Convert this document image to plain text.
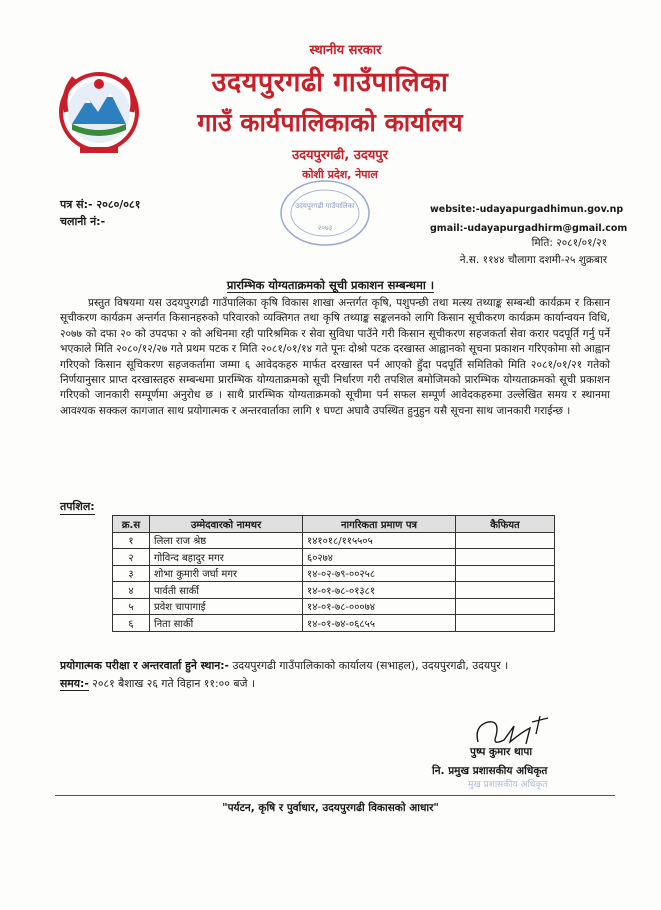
स्थानीय सरकार
उदयपुरगढी गाउँपालिका
गाउँ कार्यपालिकाको कार्यालय
उदयपुरगढी, उदयपुर
कोशी प्रदेश, नेपाल
उदयपुरगढी गाउँपालिका
२०७३
पत्र सं:- २०८०/०८१
चलानी नं:-
website:-udayapurgadhimun.gov.np
gmail:-udayapurgadhirm@gmail.com
मिति: २०८१/०१/२१
ने.स. ११४४ चौलागा दशमी-२५ शुक्रबार
प्रारम्भिक योग्यताक्रमको सूची प्रकाशन सम्बन्धमा ।
प्रस्तुत विषयमा यस उदयपुरगढी गाउँपालिका कृषि विकास शाखा अन्तर्गत कृषि, पशुपन्छी तथा मत्स्य तथ्याङ्क सम्बन्धी कार्यक्रम र किसान सूचीकरण कार्यक्रम अन्तर्गत किसानहरुको परिवारको व्यक्तिगत तथा कृषि तथ्याङ्क सङ्कलनको लागि किसान सूचीकरण कार्यक्रम कार्यान्वयन विधि, २०७७ को दफा २० को उपदफा २ को अधिनमा रही पारिश्रमिक र सेवा सुविधा पाउँने गरी किसान सूचीकरण सहजकर्ता सेवा करार पदपूर्ति गर्नु पर्ने भएकाले मिति २०८०/१२/२७ गते प्रथम पटक र मिति २०८१/०१/१४ गते पूनः दोश्रो पटक दरखास्त आह्वानको सूचना प्रकाशन गरिएकोमा सो आह्वान गरिएको किसान सूचिकरण सहजकर्तामा जम्मा ६ आवेदकहरु मार्फत दरखास्त पर्न आएको हुँदा पदपूर्ति समितिको मिति २०८१/०१/२१ गतेको निर्णयानुसार प्राप्त दरखास्तहरु सम्बन्धमा प्रारम्भिक योग्यताक्रमको सूची निर्धारण गरी तपशिल बमोजिमको प्रारम्भिक योग्यताक्रमको सूची प्रकाशन गरिएको जानकारी सम्पूर्णमा अनुरोध छ । साथै प्रारम्भिक योग्यताक्रमको सूचीमा पर्न सफल सम्पूर्ण आवेदकहरुमा उल्लेखित समय र स्थानमा आवश्यक सक्कल कागजात साथ प्रयोगात्मक र अन्तरवार्ताका लागि १ घण्टा अघावै उपस्थित हुनुहुन यसै सूचना साथ जानकारी गराईन्छ ।
तपशिल:
क्र.स	उम्मेदवारको नामथर	नागरिकता प्रमाण पत्र	कैफियत
१	लिला राज श्रेष्ठ	१४१०१८/११५५०५	
२	गोविन्द बहादुर मगर	६०२७४	
३	शोभा कुमारी जर्घा मगर	१४-०२-७९-००२५८	
४	पार्वती सार्की	१४-०१-७८-०१३८१	
५	प्रवेश चापागाई	१४-०१-७८-०००७४	
६	निता सार्की	१४-०१-७४-०६८५५	
प्रयोगात्मक परीक्षा र अन्तरवार्ता हुने स्थान:- उदयपुरगढी गाउँपालिकाको कार्यालय (सभाहल), उदयपुरगढी, उदयपुर ।
समय:- २०८१ बैशाख २६ गते विहान ११:०० बजे ।
पुष्प कुमार थापा
नि. प्रमुख प्रशासकीय अधिकृत
मुख प्रशासकीय अधिकृत
"पर्यटन, कृषि र पुर्वाधार, उदयपुरगढी विकासको आधार"
